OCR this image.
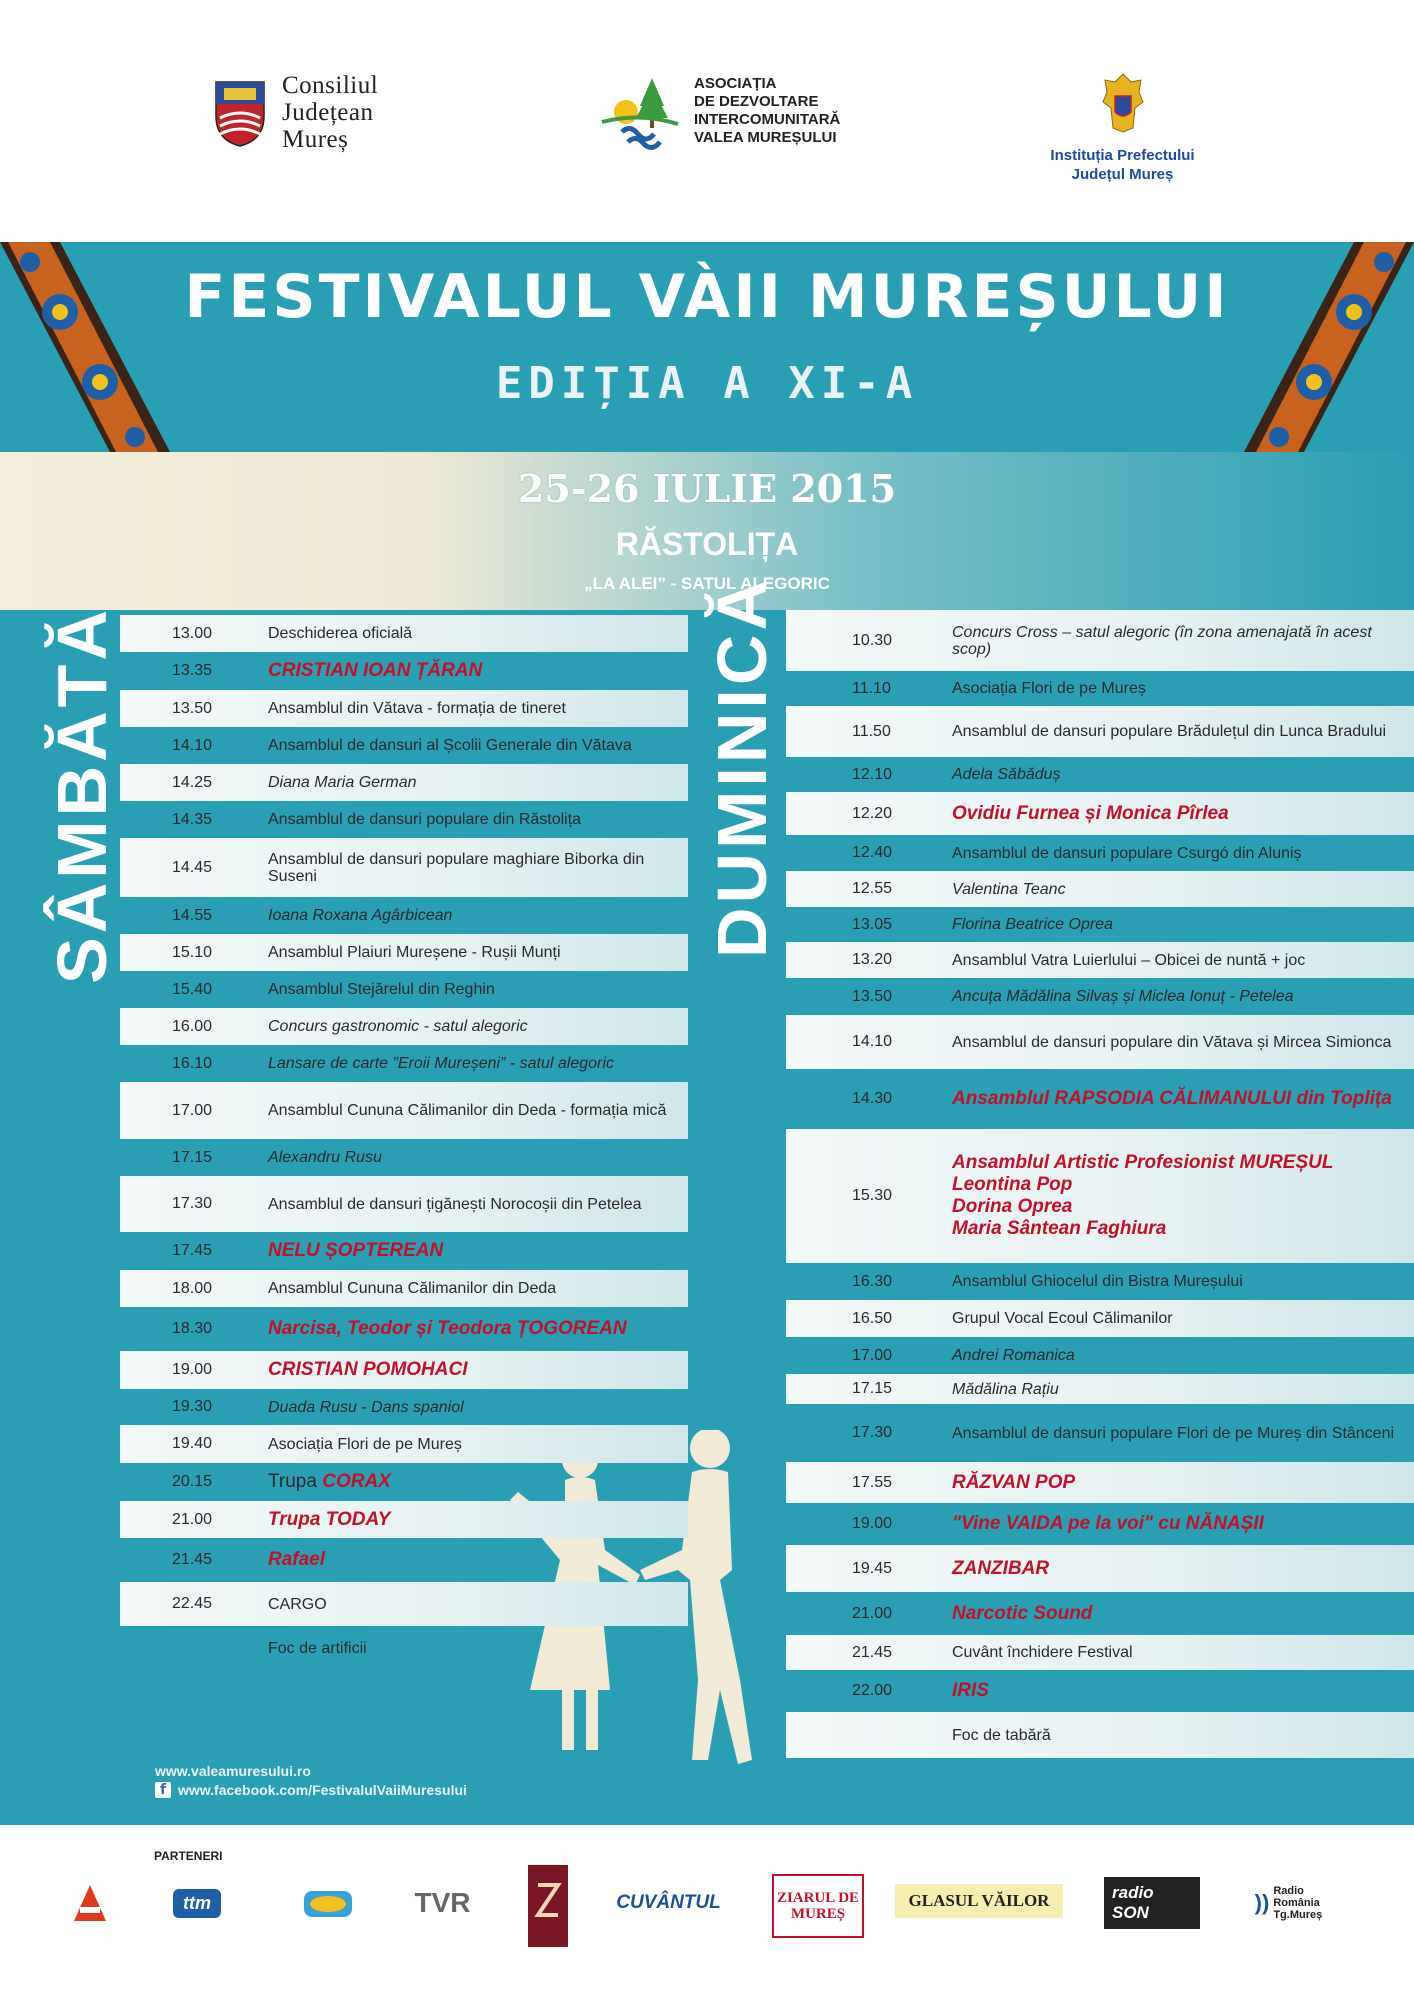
Consiliul
Județean
Mureș
ASOCIAȚIA
DE DEZVOLTARE
INTERCOMUNITARĂ
VALEA MUREȘULUI
Instituția Prefectului
Județul Mureș
FESTIVALUL VÀII MUREȘULUI
EDIȚIA A XI-A
25-26 IULIE 2015
RĂSTOLIȚA
„LA ALEI” - SATUL ALEGORIC
13.00	Deschiderea oficială
13.35	CRISTIAN IOAN ȚĂRAN
13.50	Ansamblul din Vătava - formația de tineret
14.10	Ansamblul de dansuri al Școlii Generale din Vătava
14.25	Diana Maria German
14.35	Ansamblul de dansuri populare din Răstolița
14.45	Ansamblul de dansuri populare maghiare Biborka din Suseni
14.55	Ioana Roxana Agârbicean
15.10	Ansamblul Plaiuri Mureșene - Rușii Munți
15.40	Ansamblul Stejărelul din Reghin
16.00	Concurs gastronomic - satul alegoric
16.10	Lansare de carte ”Eroii Mureșeni” - satul alegoric
17.00	Ansamblul Cununa Călimanilor din Deda - formația mică
17.15	Alexandru Rusu
17.30	Ansamblul de dansuri țigănești Norocoșii din Petelea
17.45	NELU ȘOPTEREAN
18.00	Ansamblul Cununa Călimanilor din Deda
18.30	Narcisa, Teodor și Teodora ȚOGOREAN
19.00	CRISTIAN POMOHACI
19.30	Duada Rusu - Dans spaniol
19.40	Asociația Flori de pe Mureș
20.15	Trupa CORAX
21.00	Trupa TODAY
21.45	Rafael
22.45	CARGO
Foc de artificii
10.30	Concurs Cross – satul alegoric (în zona amenajată în acest scop)
11.10	Asociația Flori de pe Mureș
11.50	Ansamblul de dansuri populare Brădulețul din Lunca Bradului
12.10	Adela Săbăduș
12.20	Ovidiu Furnea și Monica Pîrlea
12.40	Ansamblul de dansuri populare Csurgó din Aluniș
12.55	Valentina Teanc
13.05	Florina Beatrice Oprea
13.20	Ansamblul Vatra Luierlului – Obicei de nuntă + joc
13.50	Ancuța Mădălina Silvaș și Miclea Ionuț - Petelea
14.10	Ansamblul de dansuri populare din Vătava și Mircea Simionca
14.30	Ansamblul RAPSODIA CĂLIMANULUI din Toplița
15.30
Ansamblul Artistic Profesionist MUREȘUL
Leontina Pop
Dorina Oprea
Maria Sântean Faghiura
16.30	Ansamblul Ghiocelul din Bistra Mureșului
16.50	Grupul Vocal Ecoul Călimanilor
17.00	Andrei Romanica
17.15	Mădălina Rațiu
17.30	Ansamblul de dansuri populare Flori de pe Mureș din Stânceni
17.55	RĂZVAN POP
19.00	"Vine VAIDA pe la voi" cu NĂNAȘII
19.45	ZANZIBAR
21.00	Narcotic Sound
21.45	Cuvânt închidere Festival
22.00	IRIS
Foc de tabără
SÂMBĂTĂ	DUMINICĂ
www.valeamuresului.ro
f www.facebook.com/FestivalulVaiiMuresului
PARTENERI
ttm	TVR	CUVÂNTUL	ZIARUL DE MUREȘ
GLASUL VĂILOR	radio SON	)) Radio România Tg.Mureș
